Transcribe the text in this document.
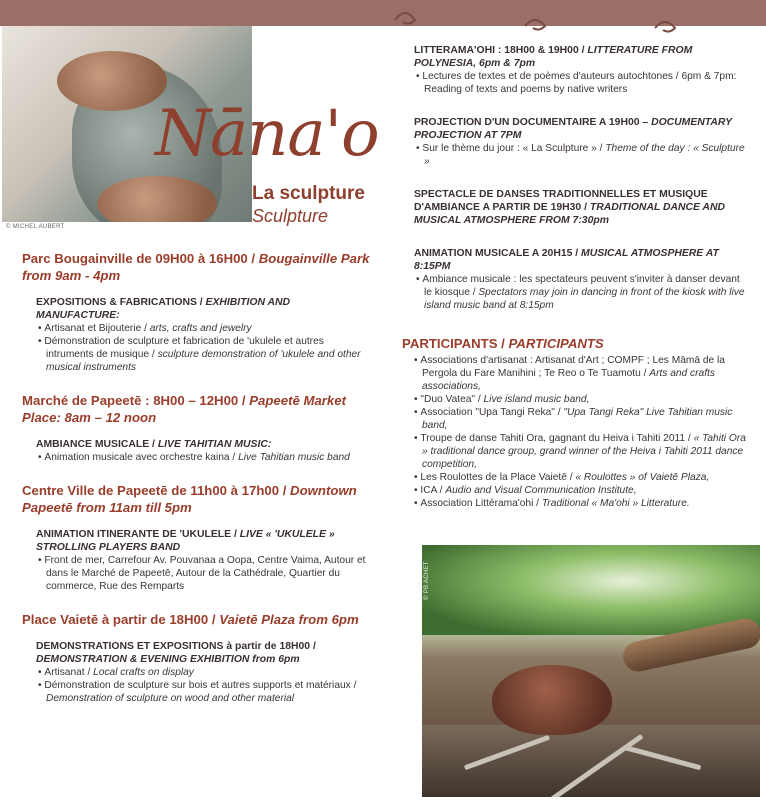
© MICHEL AUBERT
Nāna'o
La sculpture
Sculpture

Parc Bougainville de 09H00 à 16H00 / Bougainville Park from 9am - 4pm

EXPOSITIONS & FABRICATIONS / EXHIBITION AND MANUFACTURE:

• Artisanat et Bijouterie / arts, crafts and jewelry

• Démonstration de sculpture et fabrication de 'ukulele et autres intruments de musique / sculpture demonstration of 'ukulele and other musical instruments

Marché de Papeetē : 8H00 – 12H00 / Papeetē Market Place: 8am – 12 noon

AMBIANCE MUSICALE / LIVE TAHITIAN MUSIC:

• Animation musicale avec orchestre kaina / Live Tahitian music band

Centre Ville de Papeetē de 11h00 à 17h00 / Downtown Papeetē from 11am till 5pm

ANIMATION ITINERANTE DE 'UKULELE / LIVE « 'UKULELE » STROLLING PLAYERS BAND

• Front de mer, Carrefour Av. Pouvanaa a Oopa, Centre Vaima, Autour et dans le Marché de Papeetē, Autour de la Cathédrale, Quartier du commerce, Rue des Remparts

Place Vaietē à partir de 18H00 / Vaietē Plaza from 6pm

DEMONSTRATIONS ET EXPOSITIONS à partir de 18H00 / DEMONSTRATION & EVENING EXHIBITION from 6pm

• Artisanat / Local crafts on display

• Démonstration de sculpture sur bois et autres supports et matériaux / Demonstration of sculpture on wood and other material

LITTERAMA'OHI : 18H00 & 19H00 / LITTERATURE FROM POLYNESIA, 6pm & 7pm

• Lectures de textes et de poèmes d'auteurs autochtones / 6pm & 7pm: Reading of texts and poems by native writers

PROJECTION D'UN DOCUMENTAIRE A 19H00 – DOCUMENTARY PROJECTION AT 7PM

• Sur le thème du jour : « La Sculpture » / Theme of the day : « Sculpture »

SPECTACLE DE DANSES TRADITIONNELLES ET MUSIQUE D'AMBIANCE A PARTIR DE 19H30 / TRADITIONAL DANCE AND MUSICAL ATMOSPHERE FROM 7:30pm

ANIMATION MUSICALE A 20H15 / MUSICAL ATMOSPHERE AT 8:15PM

• Ambiance musicale : les spectateurs peuvent s'inviter à danser devant le kiosque / Spectators may join in dancing in front of the kiosk with live island music band at 8:15pm

PARTICIPANTS / PARTICIPANTS

• Associations d'artisanat : Artisanat d'Art ; COMPF ; Les Māmā de la Pergola du Fare Manihini ; Te Reo o Te Tuamotu / Arts and crafts associations,

• "Duo Vatea" / Live island music band,

• Association "Upa Tangi Reka" / "Upa Tangi Reka" Live Tahitian music band,

• Troupe de danse Tahiti Ora, gagnant du Heiva i Tahiti 2011 / « Tahiti Ora » traditional dance group, grand winner of the Heiva i Tahiti 2011 dance competition,

• Les Roulottes de la Place Vaietē / « Roulottes » of Vaietē Plaza,

• ICA / Audio and Visual Communication Institute,

• Association Littérama'ohi / Traditional « Ma'ohi » Litterature.

© PB ACHET
